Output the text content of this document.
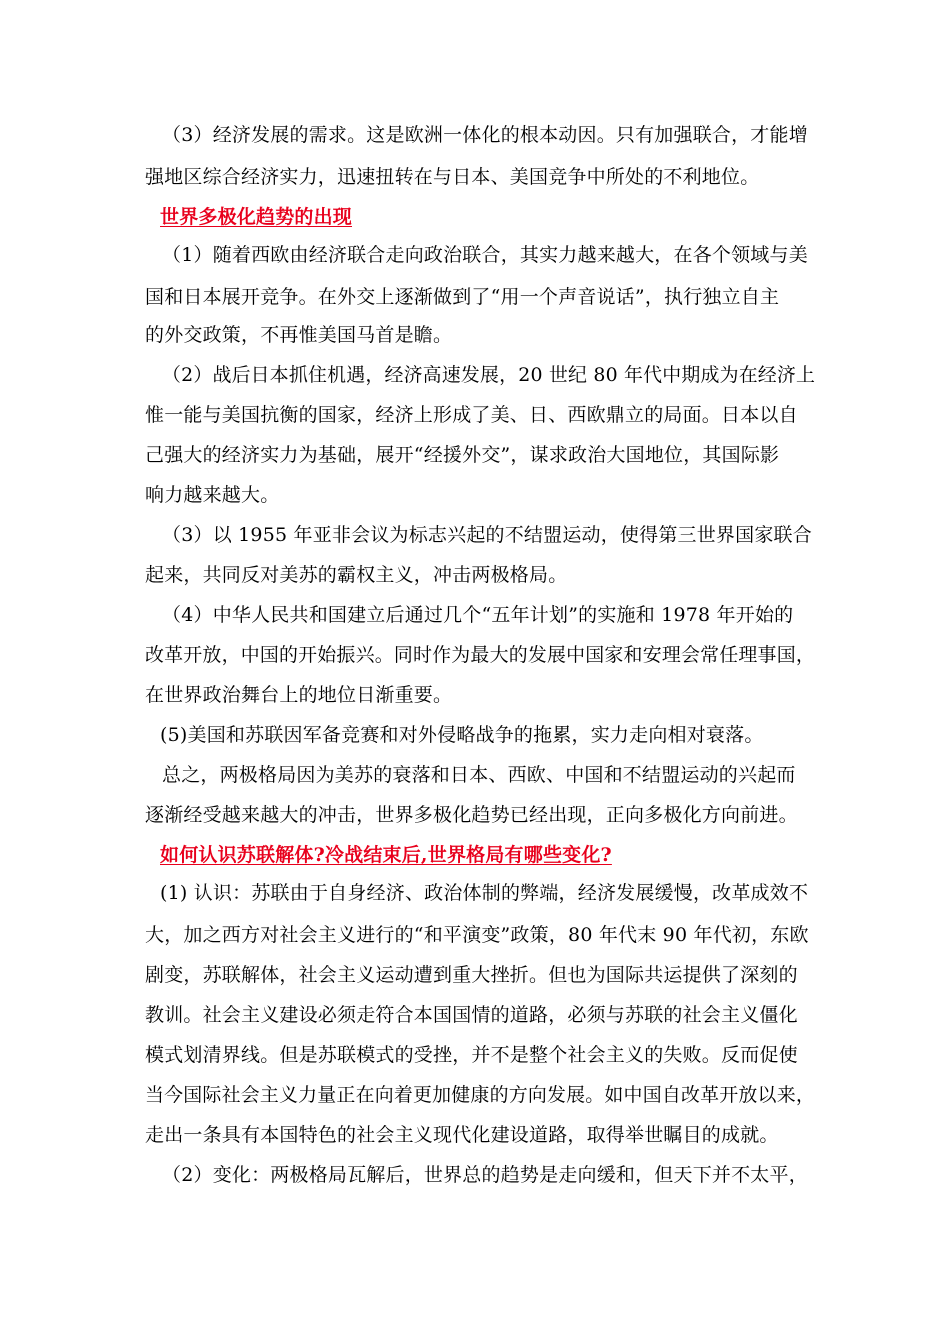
（3）经济发展的需求。这是欧洲一体化的根本动因。只有加强联合，才能增
强地区综合经济实力，迅速扭转在与日本、美国竞争中所处的不利地位。
世界多极化趋势的出现
（1）随着西欧由经济联合走向政治联合，其实力越来越大，在各个领域与美
国和日本展开竞争。在外交上逐渐做到了“用一个声音说话”，执行独立自主
的外交政策，不再惟美国马首是瞻。
（2）战后日本抓住机遇，经济高速发展，20 世纪 80 年代中期成为在经济上
惟一能与美国抗衡的国家，经济上形成了美、日、西欧鼎立的局面。日本以自
己强大的经济实力为基础，展开“经援外交”，谋求政治大国地位，其国际影
响力越来越大。
（3）以 1955 年亚非会议为标志兴起的不结盟运动，使得第三世界国家联合
起来，共同反对美苏的霸权主义，冲击两极格局。
（4）中华人民共和国建立后通过几个“五年计划”的实施和 1978 年开始的
改革开放，中国的开始振兴。同时作为最大的发展中国家和安理会常任理事国，
在世界政治舞台上的地位日渐重要。
(5)美国和苏联因军备竞赛和对外侵略战争的拖累，实力走向相对衰落。
总之，两极格局因为美苏的衰落和日本、西欧、中国和不结盟运动的兴起而
逐渐经受越来越大的冲击，世界多极化趋势已经出现，正向多极化方向前进。
如何认识苏联解体?冷战结束后,世界格局有哪些变化?
(1) 认识：苏联由于自身经济、政治体制的弊端，经济发展缓慢，改革成效不
大，加之西方对社会主义进行的“和平演变”政策，80 年代末 90 年代初，东欧
剧变，苏联解体，社会主义运动遭到重大挫折。但也为国际共运提供了深刻的
教训。社会主义建设必须走符合本国国情的道路，必须与苏联的社会主义僵化
模式划清界线。但是苏联模式的受挫，并不是整个社会主义的失败。反而促使
当今国际社会主义力量正在向着更加健康的方向发展。如中国自改革开放以来，
走出一条具有本国特色的社会主义现代化建设道路，取得举世瞩目的成就。
（2）变化：两极格局瓦解后，世界总的趋势是走向缓和，但天下并不太平，
